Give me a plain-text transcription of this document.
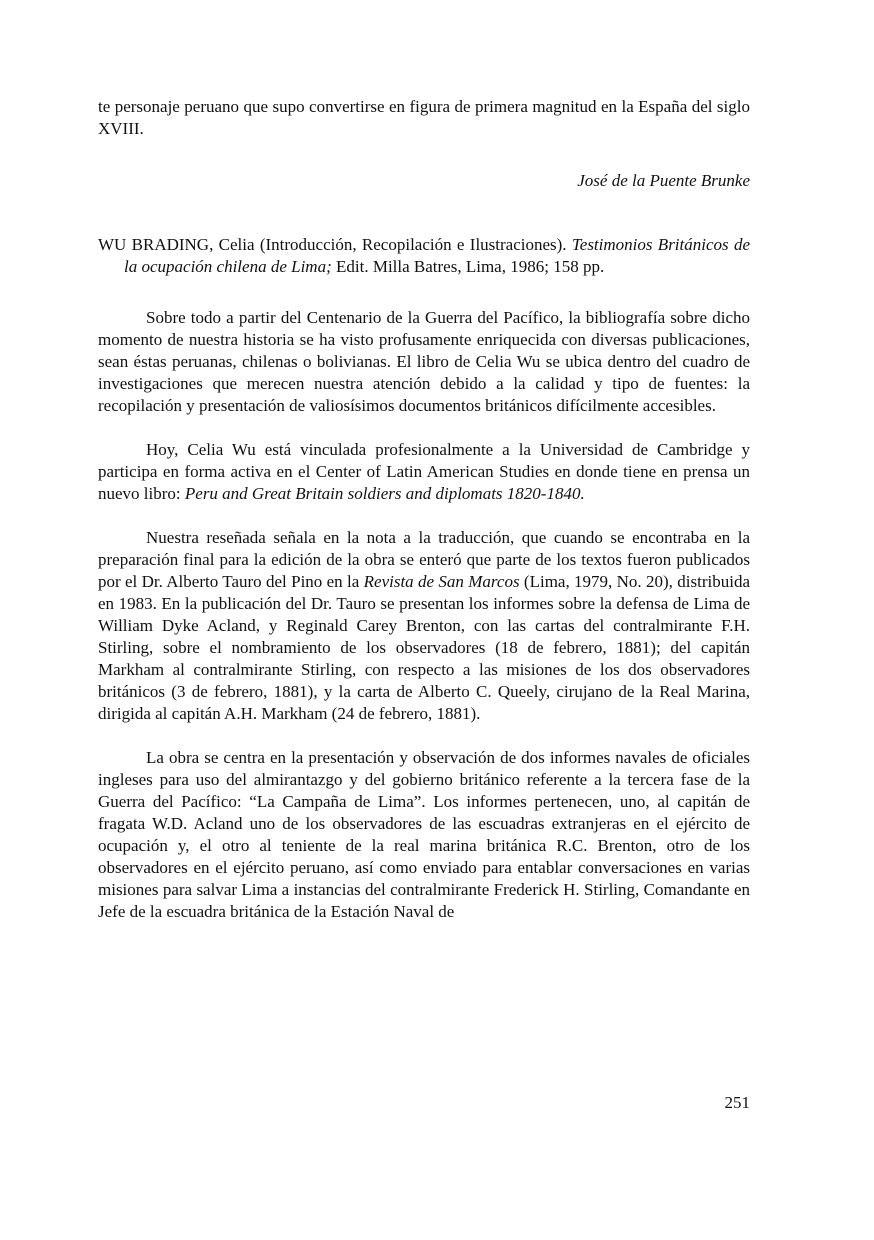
te personaje peruano que supo convertirse en figura de primera magnitud en la España del siglo XVIII.

José de la Puente Brunke

WU BRADING, Celia (Introducción, Recopilación e Ilustraciones). Testimonios Británicos de la ocupación chilena de Lima; Edit. Milla Batres, Lima, 1986; 158 pp.

Sobre todo a partir del Centenario de la Guerra del Pacífico, la bibliografía sobre dicho momento de nuestra historia se ha visto profusamente enriquecida con diversas publicaciones, sean éstas peruanas, chilenas o bolivianas. El libro de Celia Wu se ubica dentro del cuadro de investigaciones que merecen nuestra atención debido a la calidad y tipo de fuentes: la recopilación y presentación de valiosísimos documentos británicos difícilmente accesibles.

Hoy, Celia Wu está vinculada profesionalmente a la Universidad de Cambridge y participa en forma activa en el Center of Latin American Studies en donde tiene en prensa un nuevo libro: Peru and Great Britain soldiers and diplomats 1820-1840.

Nuestra reseñada señala en la nota a la traducción, que cuando se encontraba en la preparación final para la edición de la obra se enteró que parte de los textos fueron publicados por el Dr. Alberto Tauro del Pino en la Revista de San Marcos (Lima, 1979, No. 20), distribuida en 1983. En la publicación del Dr. Tauro se presentan los informes sobre la defensa de Lima de William Dyke Acland, y Reginald Carey Brenton, con las cartas del contralmirante F.H. Stirling, sobre el nombramiento de los observadores (18 de febrero, 1881); del capitán Markham al contralmirante Stirling, con respecto a las misiones de los dos observadores británicos (3 de febrero, 1881), y la carta de Alberto C. Queely, cirujano de la Real Marina, dirigida al capitán A.H. Markham (24 de febrero, 1881).

La obra se centra en la presentación y observación de dos informes navales de oficiales ingleses para uso del almirantazgo y del gobierno británico referente a la tercera fase de la Guerra del Pacífico: “La Campaña de Lima”. Los informes pertenecen, uno, al capitán de fragata W.D. Acland uno de los observadores de las escuadras extranjeras en el ejército de ocupación y, el otro al teniente de la real marina británica R.C. Brenton, otro de los observadores en el ejército peruano, así como enviado para entablar conversaciones en varias misiones para salvar Lima a instancias del contralmirante Frederick H. Stirling, Comandante en Jefe de la escuadra británica de la Estación Naval de

251
